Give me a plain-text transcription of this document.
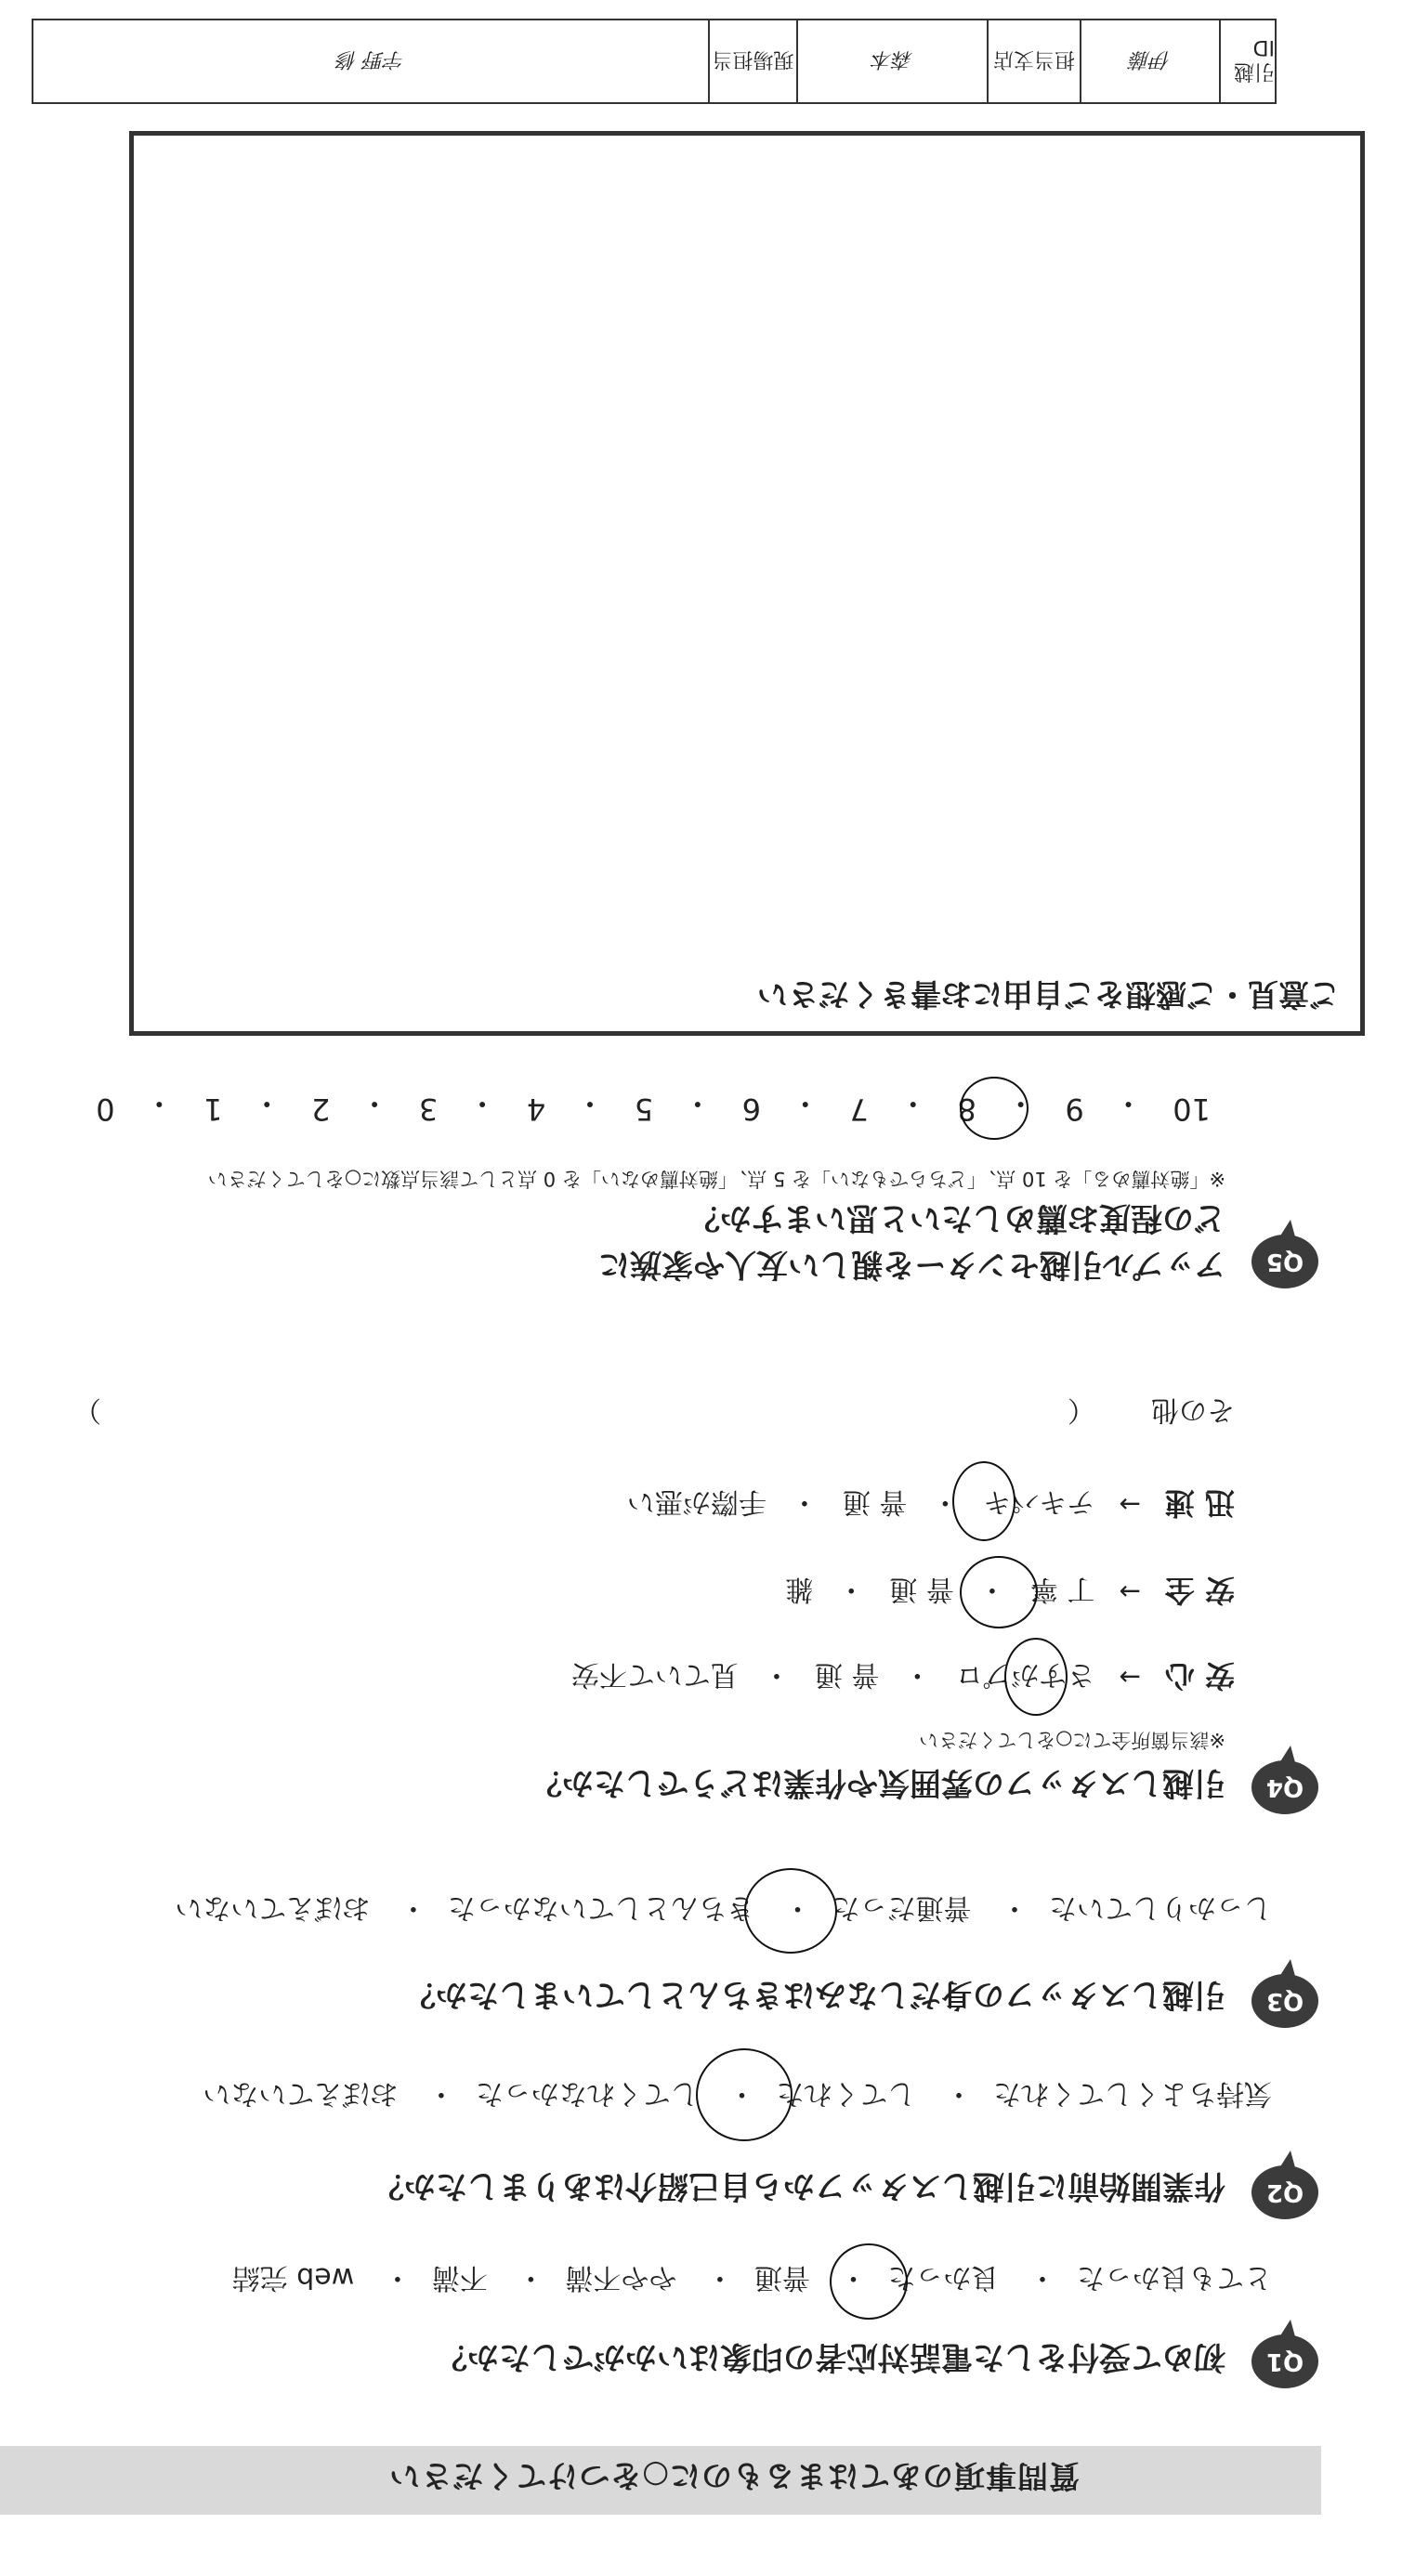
質問事項のあてはまるものに○をつけてください
Q1
初めて受付をした電話対応者の印象はいかがでしたか？
とても良かった・ 良かった・ 普通・ やや不満・ 不満・ web 完結
Q2
作業開始前に引越しスタッフから自己紹介はありましたか？
気持ちよくしてくれた・ してくれた・ してくれなかった・ おぼえていない
Q3
引越しスタッフの身だしなみはきちんとしていましたか？
しっかりしていた・ 普通だった・ きちんとしていなかった・ おぼえていない
Q4
引越しスタッフの雰囲気や作業はどうでしたか？
※該当箇所全てに○をしてください
安 心
→
さすがプロ
・
普 通
・
見ていて不安
安 全
→
丁 寧
・
普 通
・
雑
迅 速
→
テキパキ
・
普 通
・
手際が悪い
その他
（
）
Q5
アップル引越センターを親しい友人や家族に
どの程度お薦めしたいと思いますか？
※「絶対薦める」を 10 点、「どちらでもない」を 5 点、「絶対薦めない」を 0 点として該当点数に○をしてください
10
・
9
・
8
・
7
・
6
・
5
・
4
・
3
・
2
・
1
・
0
ご意見・ご感想をご自由にお書きください
引越 ID
伊藤
担当支店
森本
現場担当
宇野 修
